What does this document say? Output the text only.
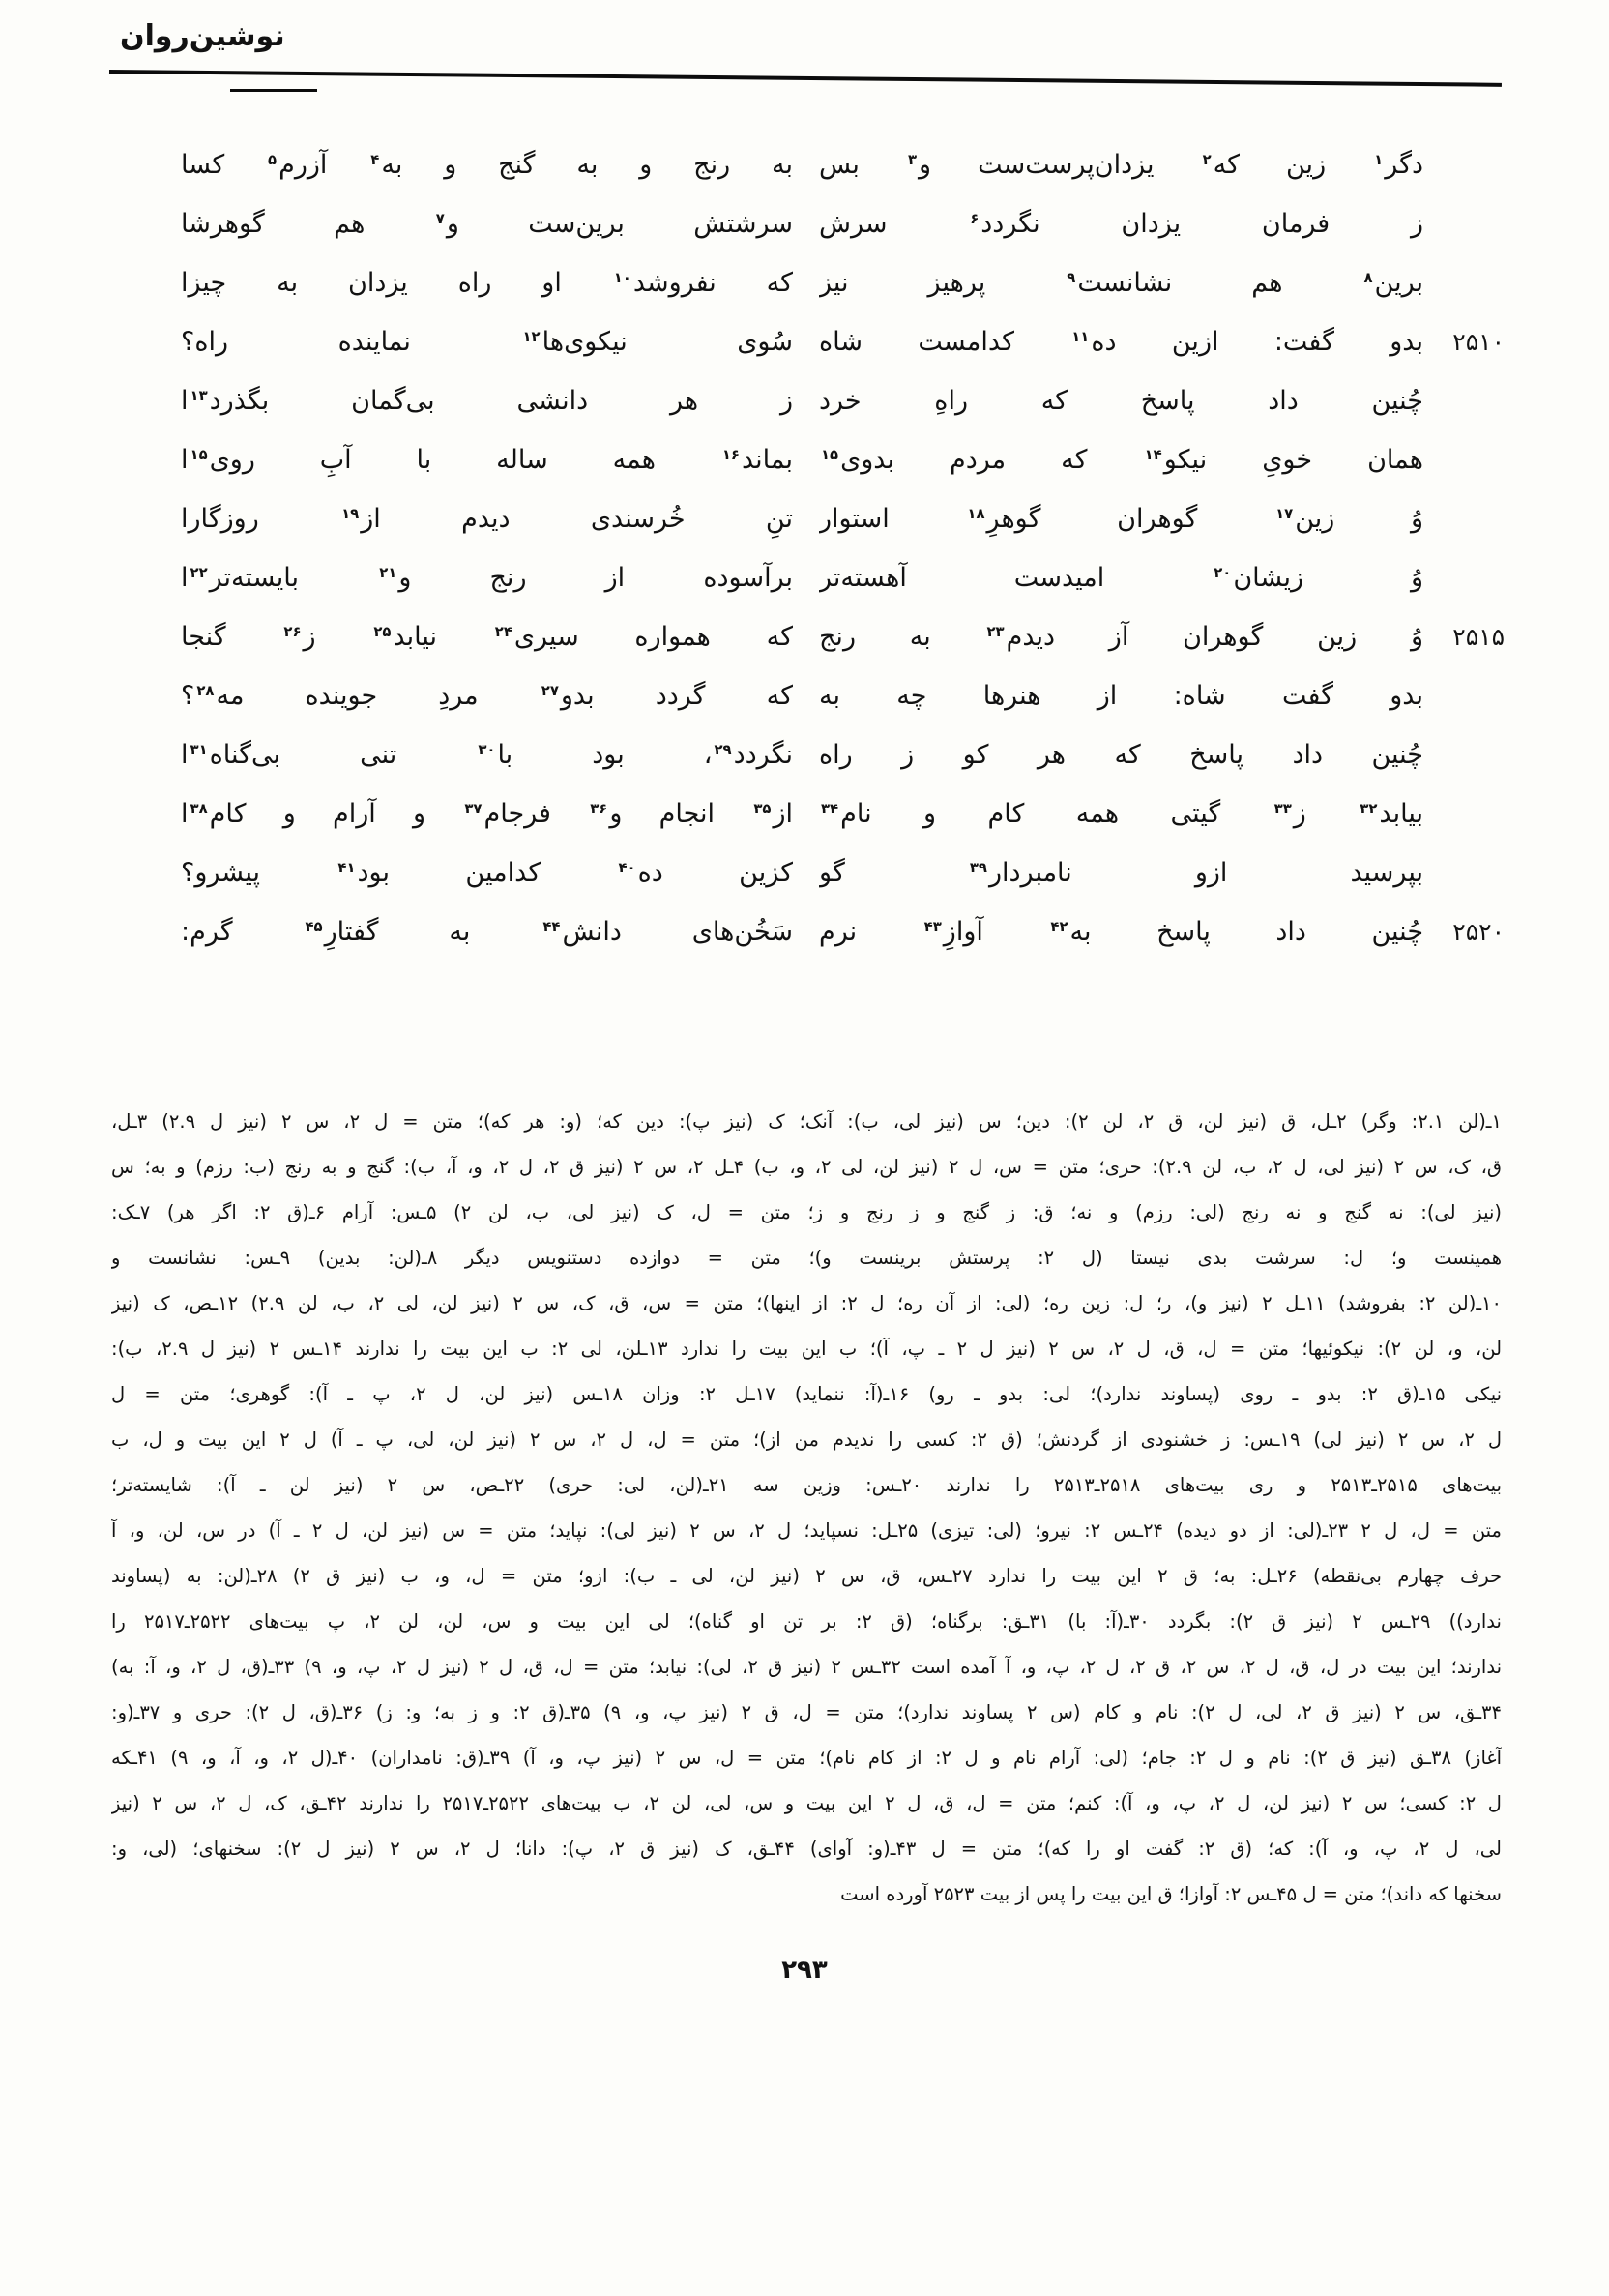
نوشین‌روان
دگر$^۱$ زین که$^۲$ یزدان‌پرست‌ست و$^۳$ بس
به رنج و به گنج و به$^۴$ آزرم$^۵$ کسا
ز فرمان یزدان نگردد$^۶$ سرش
سرشتش برین‌ست و$^۷$ هم گوهرشا
برین$^۸$ هم نشانست$^۹$ پرهیز نیز
که نفروشد$^{۱۰}$ او راه یزدان به چیزا
بدو گفت: ازین ده$^{۱۱}$ کدامست شاه
سُوی نیکوی‌ها$^{۱۲}$ نماینده راه؟	۲۵۱۰
چُنین داد پاسخ که راهِ خرد
ز هر دانشی بی‌گمان بگذرد$^{۱۳}$ا
همان خویِ نیکو$^{۱۴}$ که مردم بدوی$^{۱۵}$
بماند$^{۱۶}$ همه ساله با آبِ روی$^{۱۵}$ا
وُ زین$^{۱۷}$ گوهران گوهرِ$^{۱۸}$ استوار
تنِ خُرسندی دیدم از$^{۱۹}$ روزگارا
وُ زیشان$^{۲۰}$ امیدست آهسته‌تر
برآسوده از رنج و$^{۲۱}$ بایسته‌تر$^{۲۲}$ا
وُ زین گوهران آز دیدم$^{۲۳}$ به رنج
که همواره سیری$^{۲۴}$ نیابد$^{۲۵}$ ز$^{۲۶}$ گنجا	۲۵۱۵
بدو گفت شاه: از هنرها چه به
که گردد بدو$^{۲۷}$ مردِ جوینده مه$^{۲۸}$؟
چُنین داد پاسخ که هر کو ز راه
نگردد$^{۲۹}$، بود با$^{۳۰}$ تنی بی‌گناه$^{۳۱}$ا
بیابد$^{۳۲}$ ز$^{۳۳}$ گیتی همه کام و نام$^{۳۴}$
از$^{۳۵}$ انجام و$^{۳۶}$ فرجام$^{۳۷}$ و آرام و کام$^{۳۸}$ا
بپرسید ازو نامبردار$^{۳۹}$ گو
کزین ده$^{۴۰}$ کدامین بود$^{۴۱}$ پیشرو؟
چُنین داد پاسخ به$^{۴۲}$ آوازِ$^{۴۳}$ نرم
سَخُن‌های دانش$^{۴۴}$ به گفتارِ$^{۴۵}$ گرم:	۲۵۲۰
۱ـ(لن ۲.۱: وگر) ۲ـل، ق (نیز لن، ق ۲، لن ۲): دین؛ س (نیز لی، ب): آنک؛ ک (نیز پ): دین که؛ (و: هر که)؛ متن = ل ۲، س ۲ (نیز ل ۲.۹) ۳ـل،
ق، ک، س ۲ (نیز لی، ل ۲، ب، لن ۲.۹): حری؛ متن = س، ل ۲ (نیز لن، لی ۲، و، ب) ۴ـل ۲، س ۲ (نیز ق ۲، ل ۲، و، آ، ب): گنج و به رنج (ب: رزم) و به؛ س
(نیز لی): نه گنج و نه رنج (لی: رزم) و نه؛ ق: ز گنج و ز رنج و ز؛ متن = ل، ک (نیز لی، ب، لن ۲) ۵ـس: آرام ۶ـ(ق ۲: اگر هر) ۷ـک:
همینست و؛ ل: سرشت بدی نیستا (ل ۲: پرستش برینست و)؛ متن = دوازده دستنویس دیگر ۸ـ(لن: بدین) ۹ـس: نشانست و
۱۰ـ(لن ۲: بفروشد) ۱۱ـل ۲ (نیز و)، ر؛ ل: زین ره؛ (لی: از آن ره؛ ل ۲: از اینها)؛ متن = س، ق، ک، س ۲ (نیز لن، لی ۲، ب، لن ۲.۹) ۱۲ـص، ک (نیز
لن، و، لن ۲): نیکوئیها؛ متن = ل، ق، ل ۲، س ۲ (نیز ل ۲ ـ پ، آ)؛ ب این بیت را ندارد ۱۳ـلن، لی ۲: ب این بیت را ندارند ۱۴ـس ۲ (نیز ل ۲.۹، ب):
نیکی ۱۵ـ(ق ۲: بدو ـ روی (پساوند ندارد)؛ لی: بدو ـ رو) ۱۶ـ(آ: ننماید) ۱۷ـل ۲: وزان ۱۸ـس (نیز لن، ل ۲، پ ـ آ): گوهری؛ متن = ل
ل ۲، س ۲ (نیز لی) ۱۹ـس: ز خشنودی از گردنش؛ (ق ۲: کسی را ندیدم من از)؛ متن = ل، ل ۲، س ۲ (نیز لن، لی، پ ـ آ) ل ۲ این بیت و ل، ب
بیت‌های ۲۵۱۵ـ۲۵۱۳ و ری بیت‌های ۲۵۱۸ـ۲۵۱۳ را ندارند ۲۰ـس: وزین سه ۲۱ـ(لن، لی: حری) ۲۲ـص، س ۲ (نیز لن ـ آ): شایسته‌تر؛
متن = ل، ل ۲ ۲۳ـ(لی: از دو دیده) ۲۴ـس ۲: نیرو؛ (لی: تیزی) ۲۵ـل: نسپاید؛ ل ۲، س ۲ (نیز لی): نپاید؛ متن = س (نیز لن، ل ۲ ـ آ) در س، لن، و، آ
حرف چهارم بی‌نقطه) ۲۶ـل: به؛ ق ۲ این بیت را ندارد ۲۷ـس، ق، س ۲ (نیز لن، لی ـ ب): ازو؛ متن = ل، و، ب (نیز ق ۲) ۲۸ـ(لن: به (پساوند
ندارد)) ۲۹ـس ۲ (نیز ق ۲): بگردد ۳۰ـ(آ: با) ۳۱ـق: برگناه؛ (ق ۲: بر تن او گناه)؛ لی این بیت و س، لن، لن ۲، پ بیت‌های ۲۵۲۲ـ۲۵۱۷ را
ندارند؛ این بیت در ل، ق، ل ۲، س ۲، ق ۲، ل ۲، پ، و، آ آمده است ۳۲ـس ۲ (نیز ق ۲، لی): نیابد؛ متن = ل، ق، ل ۲ (نیز ل ۲، پ، و، ۹) ۳۳ـ(ق، ل ۲، و، آ: به)
۳۴ـق، س ۲ (نیز ق ۲، لی، ل ۲): نام و کام (س ۲ پساوند ندارد)؛ متن = ل، ق ۲ (نیز پ، و، ۹) ۳۵ـ(ق ۲: و ز به؛ و: ز) ۳۶ـ(ق، ل ۲): حری و ۳۷ـ(و:
آغاز) ۳۸ـق (نیز ق ۲): نام و ل ۲: جام؛ (لی: آرام نام و ل ۲: از کام نام)؛ متن = ل، س ۲ (نیز پ، و، آ) ۳۹ـ(ق: نامداران) ۴۰ـ(ل ۲، و، آ، و، ۹) ۴۱ـکه
ل ۲: کسی؛ س ۲ (نیز لن، ل ۲، پ، و، آ): کنم؛ متن = ل، ق، ل ۲ این بیت و س، لی، لن ۲، ب بیت‌های ۲۵۲۲ـ۲۵۱۷ را ندارند ۴۲ـق، ک، ل ۲، س ۲ (نیز
لی، ل ۲، پ، و، آ): که؛ (ق ۲: گفت او را که)؛ متن = ل ۴۳ـ(و: آوای) ۴۴ـق، ک (نیز ق ۲، پ): دانا؛ ل ۲، س ۲ (نیز ل ۲): سخنهای؛ (لی، و:
سخنها که داند)؛ متن = ل ۴۵ـس ۲: آوازا؛ ق این بیت را پس از بیت ۲۵۲۳ آورده است
۲۹۳
